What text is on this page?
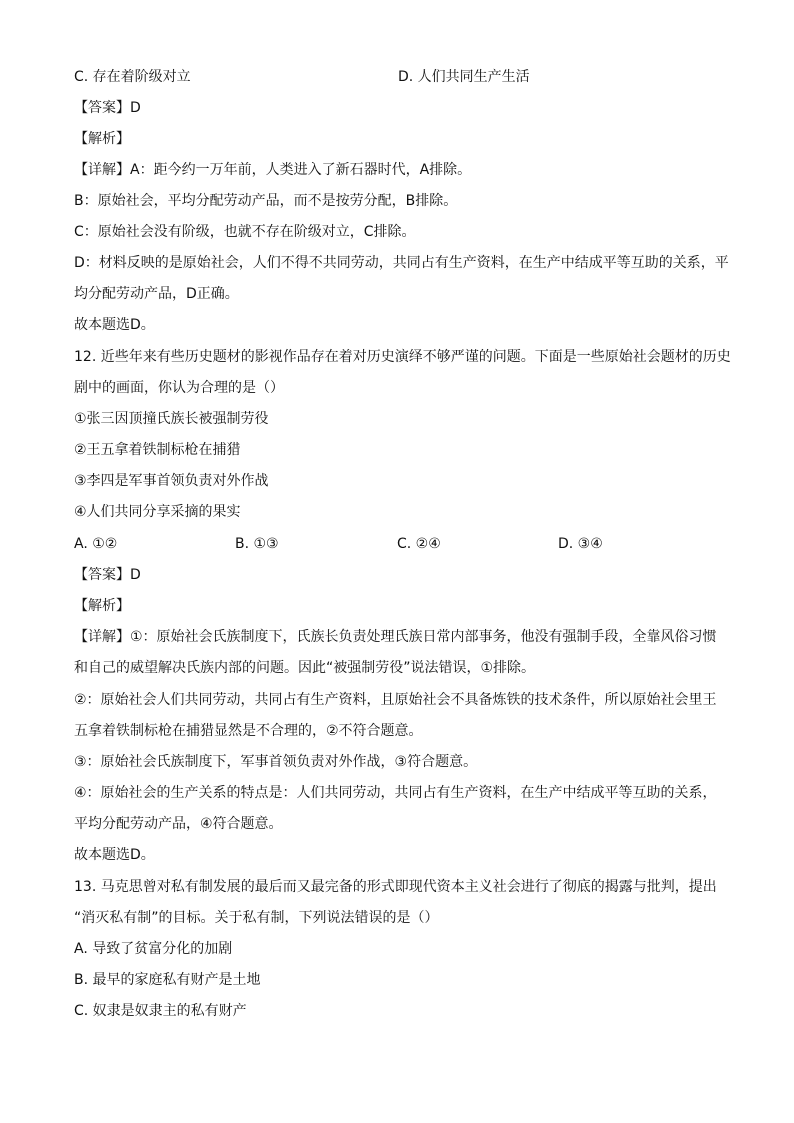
C. 存在着阶级对立	D. 人们共同生产生活
【答案】D
【解析】
【详解】A：距今约一万年前，人类进入了新石器时代，A排除。
B：原始社会，平均分配劳动产品，而不是按劳分配，B排除。
C：原始社会没有阶级，也就不存在阶级对立，C排除。
D：材料反映的是原始社会，人们不得不共同劳动，共同占有生产资料，在生产中结成平等互助的关系，平
均分配劳动产品，D正确。
故本题选D。
12. 近些年来有些历史题材的影视作品存在着对历史演绎不够严谨的问题。下面是一些原始社会题材的历史
剧中的画面，你认为合理的是（）
①张三因顶撞氏族长被强制劳役
②王五拿着铁制标枪在捕猎
③李四是军事首领负责对外作战
④人们共同分享采摘的果实
A. ①②	B. ①③	C. ②④	D. ③④
【答案】D
【解析】
【详解】①：原始社会氏族制度下，氏族长负责处理氏族日常内部事务，他没有强制手段，全靠风俗习惯
和自己的威望解决氏族内部的问题。因此“被强制劳役”说法错误，①排除。
②：原始社会人们共同劳动，共同占有生产资料，且原始社会不具备炼铁的技术条件，所以原始社会里王
五拿着铁制标枪在捕猎显然是不合理的，②不符合题意。
③：原始社会氏族制度下，军事首领负责对外作战，③符合题意。
④：原始社会的生产关系的特点是：人们共同劳动，共同占有生产资料，在生产中结成平等互助的关系，
平均分配劳动产品，④符合题意。
故本题选D。
13. 马克思曾对私有制发展的最后而又最完备的形式即现代资本主义社会进行了彻底的揭露与批判，提出
“消灭私有制”的目标。关于私有制，下列说法错误的是（）
A. 导致了贫富分化的加剧
B. 最早的家庭私有财产是土地
C. 奴隶是奴隶主的私有财产
